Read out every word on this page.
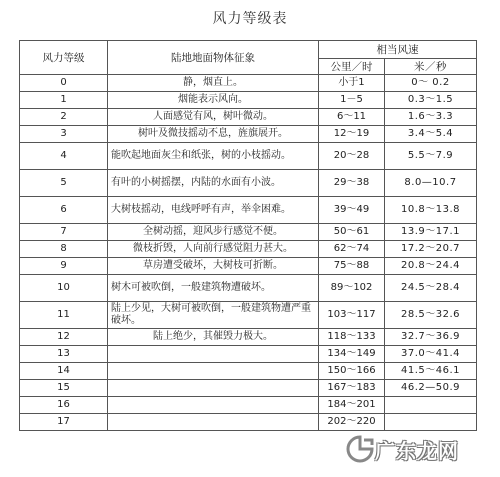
风力等级表
风力等级	陆地地面物体征象	相当风速	
		公里／时	米／秒
0	静，烟直上。	小于1	0～ 0.2
1	烟能表示风向。	1－5	0.3～1.5
2	人面感觉有风，树叶微动。	6～11	1.6～3.3
3	树叶及微技摇动不息，旌旗展开。	12～19	3.4～5.4
4	能吹起地面灰尘和纸张，树的小枝摇动。	20～28	5.5～7.9
5	有叶的小树摇摆，内陆的水面有小波。	29～38	8.0—10.7
6	大树枝摇动，电线呼呼有声，举伞困难。	39～49	10.8～13.8
7	全树动摇，迎风步行感觉不便。	50～61	13.9～17.1
8	微枝折毁，人向前行感觉阻力甚大。	62～74	17.2～20.7
9	草房遭受破坏，大树枝可折断。	75～88	20.8～24.4
10	树木可被吹倒，一般建筑物遭破坏。	89～102	24.5～28.4
11	陆上少见，大树可被吹倒，一般建筑物遭严重破坏。	103～117	28.5～32.6
12	陆上绝少，其催毁力极大。	118～133	32.7～36.9
13		134～149	37.0～41.4
14		150～166	41.5～46.1
15		167～183	46.2—50.9
16		184～201	
17		202～220	
广东龙网
